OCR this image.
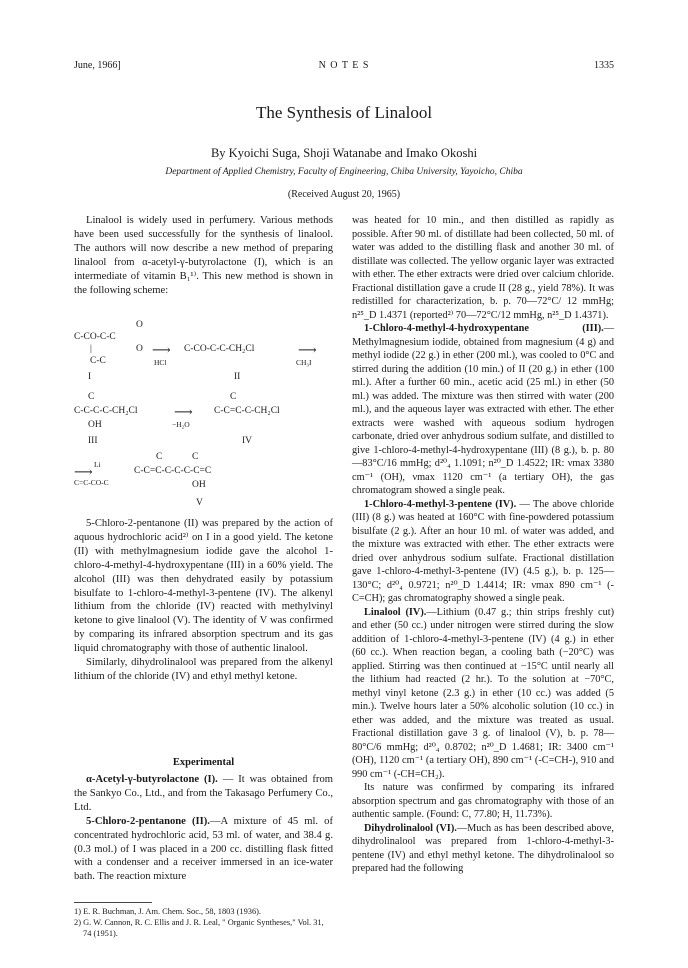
June, 1966]	N O T E S	1335
The Synthesis of Linalool
By Kyoichi Suga, Shoji Watanabe and Imako Okoshi
Department of Applied Chemistry, Faculty of Engineering, Chiba University, Yayoicho, Chiba
(Received August 20, 1965)

Linalool is widely used in perfumery. Various methods have been used successfully for the synthesis of linalool. The authors will now describe a new method of preparing linalool from α-acetyl-γ-butyrolactone (I), which is an intermediate of vitamin B₁¹⁾. This new method is shown in the following scheme:

O
C-CO-C-C
|	O
C-C
⟶
HCl
C-CO-C-C-CH₂Cl	⟶
CH₃I
I	II
C
C-C-C-C-CH₂Cl
OH
⟶
−H₂O
C
C-C=C-C-CH₂Cl
III	IV
C	C
Li
⟶
C=C-CO-C
C-C=C-C-C-C-C=C
OH
V

5-Chloro-2-pentanone (II) was prepared by the action of aquous hydrochloric acid²⁾ on I in a good yield. The ketone (II) with methylmagnesium iodide gave the alcohol 1-chloro-4-methyl-4-hydroxypentane (III) in a 60% yield. The alcohol (III) was then dehydrated easily by potassium bisulfate to 1-chloro-4-methyl-3-pentene (IV). The alkenyl lithium from the chloride (IV) reacted with methylvinyl ketone to give linalool (V). The identity of V was confirmed by comparing its infrared absorption spectrum and its gas liquid chromatography with those of authentic linalool.

Similarly, dihydrolinalool was prepared from the alkenyl lithium of the chloride (IV) and ethyl methyl ketone.

Experimental

α-Acetyl-γ-butyrolactone (I). — It was obtained from the Sankyo Co., Ltd., and from the Takasago Perfumery Co., Ltd.

5-Chloro-2-pentanone (II).—A mixture of 45 ml. of concentrated hydrochloric acid, 53 ml. of water, and 38.4 g. (0.3 mol.) of I was placed in a 200 cc. distilling flask fitted with a condenser and a receiver immersed in an ice-water bath. The reaction mixture

1) E. R. Buchman, J. Am. Chem. Soc., 58, 1803 (1936).
2) G. W. Cannon, R. C. Ellis and J. R. Leal, " Organic Syntheses," Vol. 31, 74 (1951).

was heated for 10 min., and then distilled as rapidly as possible. After 90 ml. of distillate had been collected, 50 ml. of water was added to the distilling flask and another 30 ml. of distillate was collected. The yellow organic layer was extracted with ether. The ether extracts were dried over calcium chloride. Fractional distillation gave a crude II (28 g., yield 78%). It was redistilled for characterization, b. p. 70—72°C/ 12 mmHg; n²⁵_D 1.4371 (reported²⁾ 70—72°C/12 mmHg, n²⁵_D 1.4371).

1-Chloro-4-methyl-4-hydroxypentane (III).—Methylmagnesium iodide, obtained from magnesium (4 g) and methyl iodide (22 g.) in ether (200 ml.), was cooled to 0°C and stirred during the addition (10 min.) of II (20 g.) in ether (100 ml.). After a further 60 min., acetic acid (25 ml.) in ether (50 ml.) was added. The mixture was then stirred with water (200 ml.), and the aqueous layer was extracted with ether. The ether extracts were washed with aqueous sodium hydrogen carbonate, dried over anhydrous sodium sulfate, and distilled to give 1-chloro-4-methyl-4-hydroxypentane (III) (8 g.), b. p. 80—83°C/16 mmHg; d²⁰₄ 1.1091; n²⁰_D 1.4522; IR: νmax 3380 cm⁻¹ (OH), νmax 1120 cm⁻¹ (a tertiary OH), the gas chromatogram showed a single peak.

1-Chloro-4-methyl-3-pentene (IV). — The above chloride (III) (8 g.) was heated at 160°C with fine-powdered potassium bisulfate (2 g.). After an hour 10 ml. of water was added, and the mixture was extracted with ether. The ether extracts were dried over anhydrous sodium sulfate. Fractional distillation gave 1-chloro-4-methyl-3-pentene (IV) (4.5 g.), b. p. 125—130°C; d²⁰₄ 0.9721; n²⁰_D 1.4414; IR: νmax 890 cm⁻¹ (-C=CH); gas chromatography showed a single peak.

Linalool (IV).—Lithium (0.47 g.; thin strips freshly cut) and ether (50 cc.) under nitrogen were stirred during the slow addition of 1-chloro-4-methyl-3-pentene (IV) (4 g.) in ether (60 cc.). When reaction began, a cooling bath (−20°C) was applied. Stirring was then continued at −15°C until nearly all the lithium had reacted (2 hr.). To the solution at −70°C, methyl vinyl ketone (2.3 g.) in ether (10 cc.) was added (5 min.). Twelve hours later a 50% alcoholic solution (10 cc.) in ether was added, and the mixture was treated as usual. Fractional distillation gave 3 g. of linalool (V), b. p. 78—80°C/6 mmHg; d²⁰₄ 0.8702; n²⁰_D 1.4681; IR: 3400 cm⁻¹ (OH), 1120 cm⁻¹ (a tertiary OH), 890 cm⁻¹ (-C=CH-), 910 and 990 cm⁻¹ (-CH=CH₂).

Its nature was confirmed by comparing its infrared absorption spectrum and gas chromatography with those of an authentic sample. (Found: C, 77.80; H, 11.73%).

Dihydrolinalool (VI).—Much as has been described above, dihydrolinalool was prepared from 1-chloro-4-methyl-3-pentene (IV) and ethyl methyl ketone. The dihydrolinalool so prepared had the following
